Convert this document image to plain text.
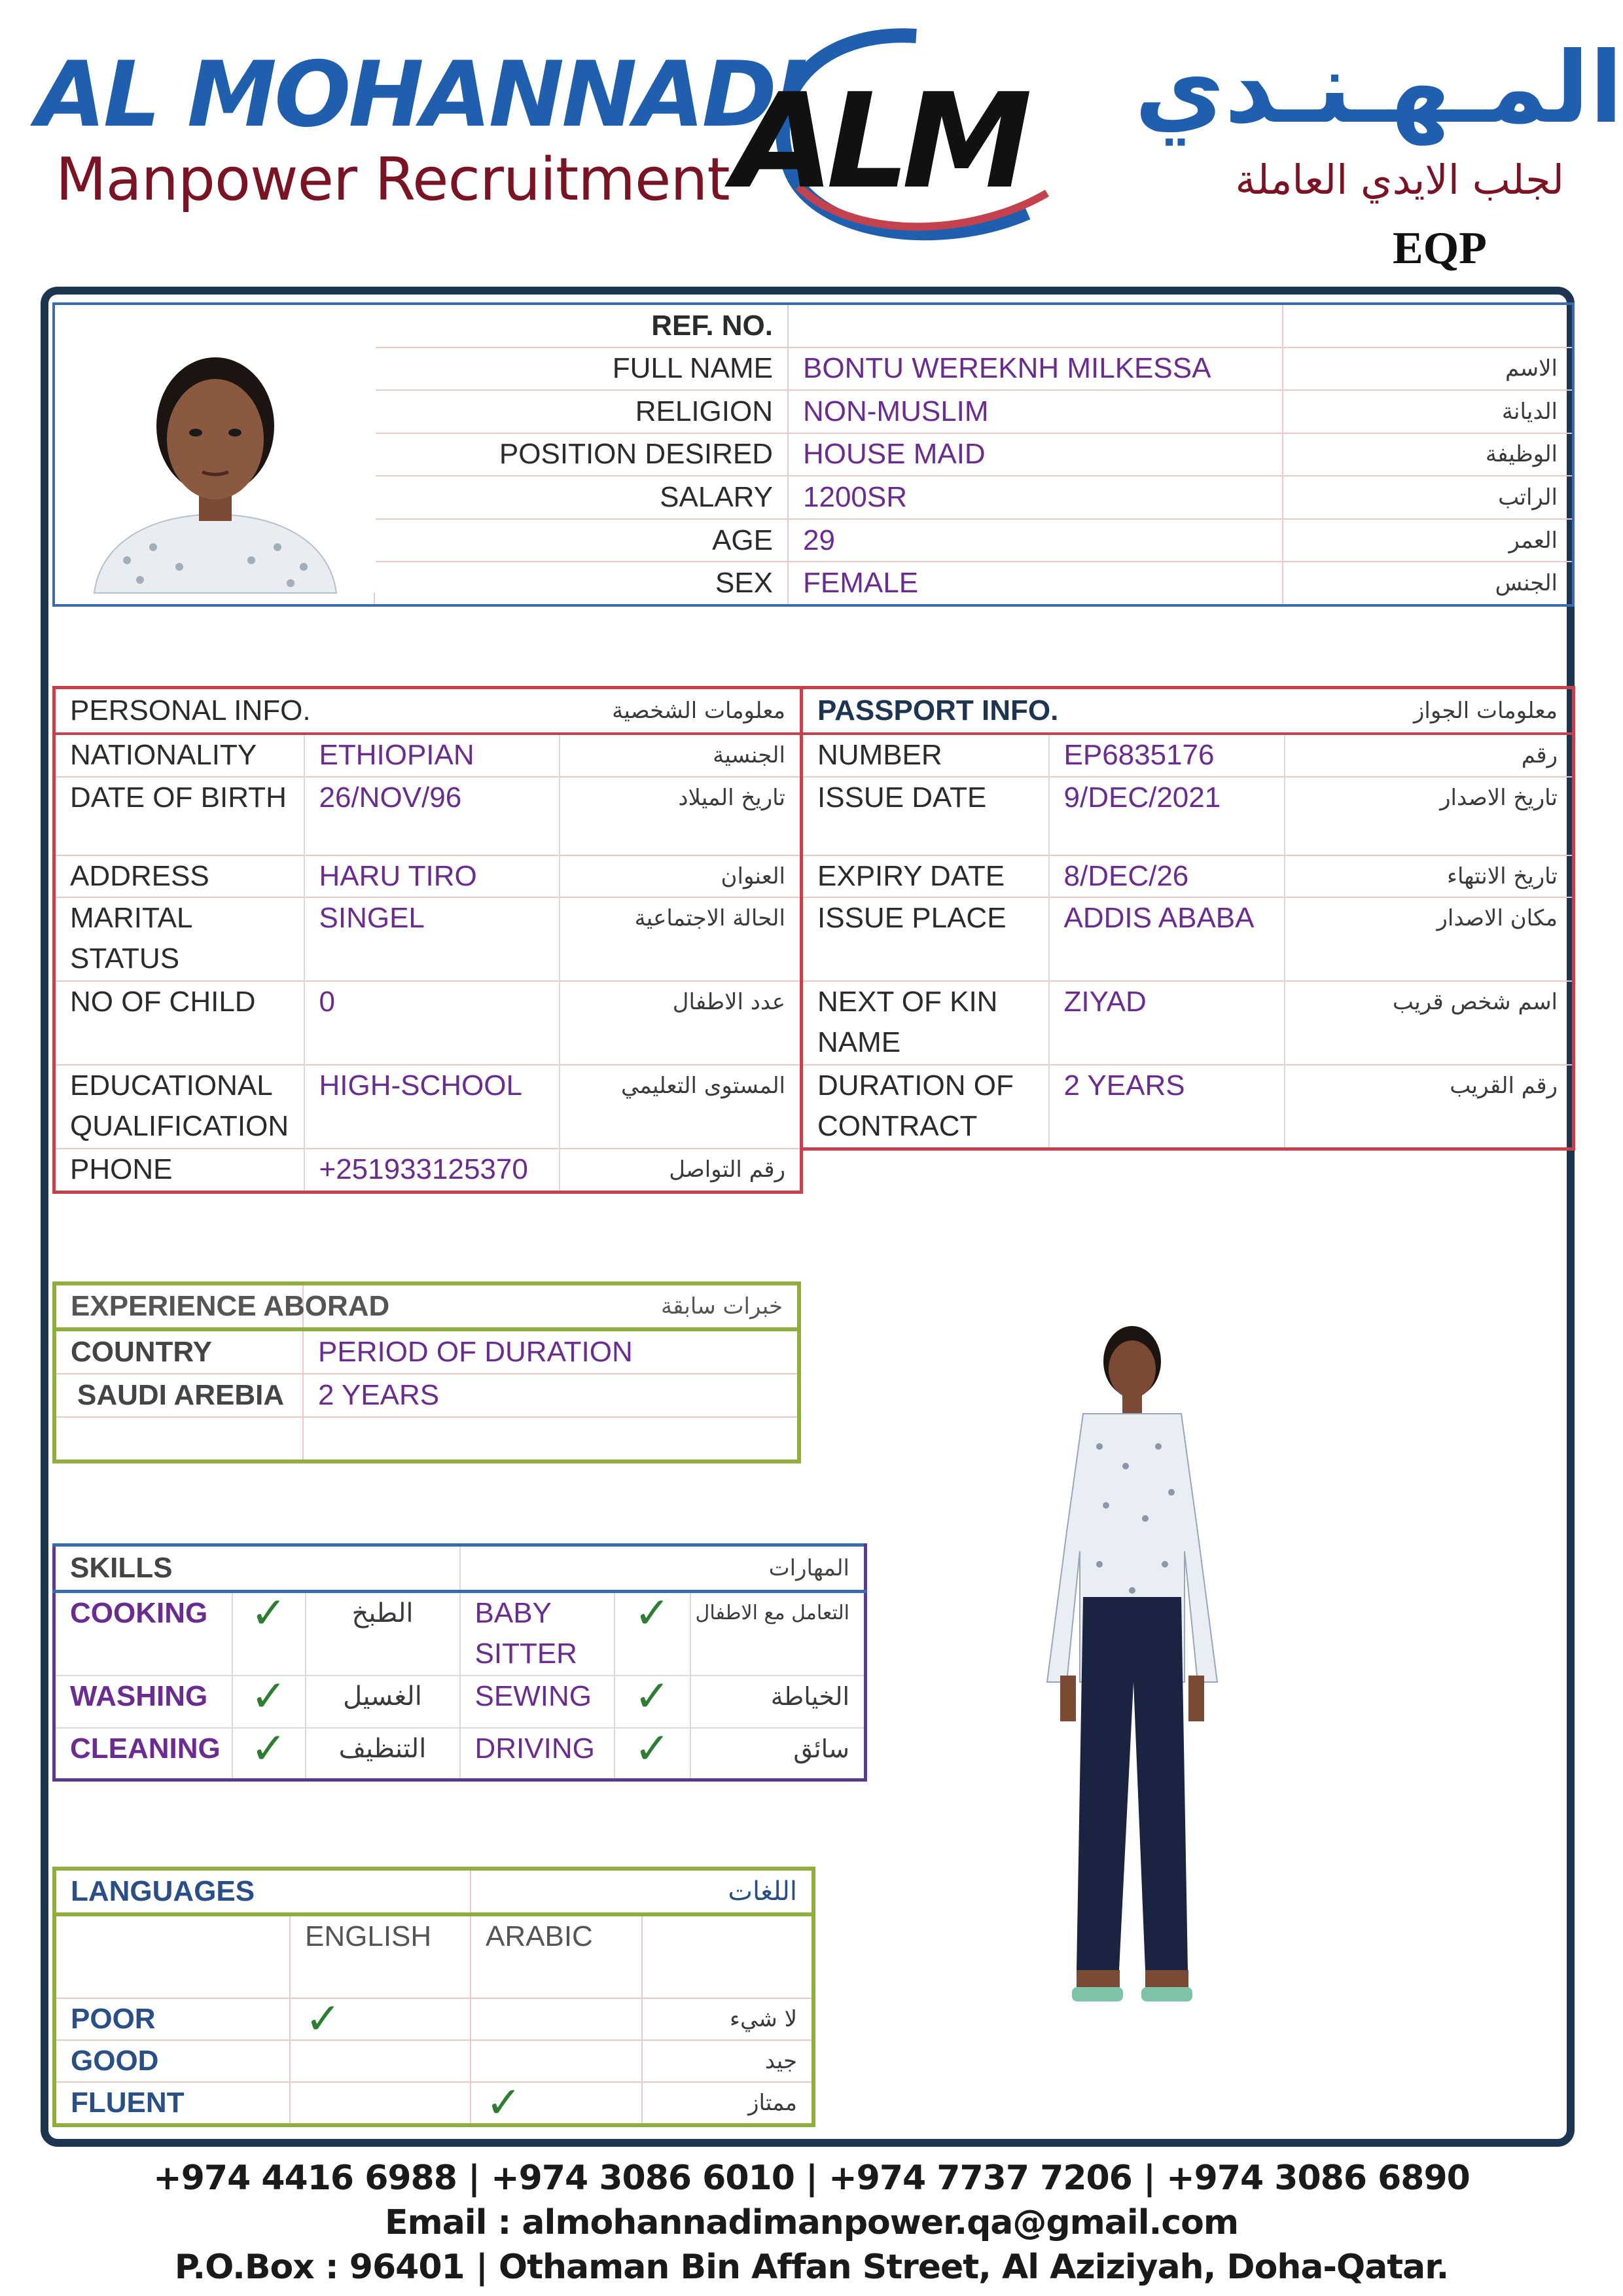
AL MOHANNADI
Manpower Recruitment ALM	المـهـنـدي
لجلب الايدي العاملة
EQP
	REF. NO.		
	FULL NAME	BONTU WEREKNH MILKESSA	الاسم
	RELIGION	NON-MUSLIM	الديانة
	POSITION DESIRED	HOUSE MAID	الوظيفة
	SALARY	1200SR	الراتب
	AGE	29	العمر
	SEX	FEMALE	الجنس
PERSONAL INFO.		معلومات الشخصية
NATIONALITY	ETHIOPIAN	الجنسية
DATE OF BIRTH	26/NOV/96	تاريخ الميلاد
ADDRESS	HARU TIRO	العنوان
MARITAL STATUS	SINGEL	الحالة الاجتماعية
NO OF CHILD	0	عدد الاطفال
EDUCATIONAL QUALIFICATION	HIGH-SCHOOL	المستوى التعليمي
PHONE	+251933125370	رقم التواصل
PASSPORT INFO.		معلومات الجواز
NUMBER	EP6835176	رقم
ISSUE DATE	9/DEC/2021	تاريخ الاصدار
EXPIRY DATE	8/DEC/26	تاريخ الانتهاء
ISSUE PLACE	ADDIS ABABA	مكان الاصدار
NEXT OF KIN NAME	ZIYAD	اسم شخص قريب
DURATION OF CONTRACT	2 YEARS	رقم القريب
EXPERIENCE ABORAD	خبرات سابقة
COUNTRY	PERIOD OF DURATION
SAUDI AREBIA	2 YEARS

SKILLS			المهارات		
COOKING	✓	الطبخ	BABY SITTER	✓	التعامل مع الاطفال
WASHING	✓	الغسيل	SEWING	✓	الخياطة
CLEANING	✓	التنظيف	DRIVING	✓	سائق
LANGUAGES		اللغات	
	ENGLISH	ARABIC	
POOR	✓		لا شيء
GOOD			جيد
FLUENT		✓	ممتاز
+974 4416 6988 | +974 3086 6010 | +974 7737 7206 | +974 3086 6890
Email : almohannadimanpower.qa@gmail.com
P.O.Box : 96401 | Othaman Bin Affan Street, Al Aziziyah, Doha-Qatar.
